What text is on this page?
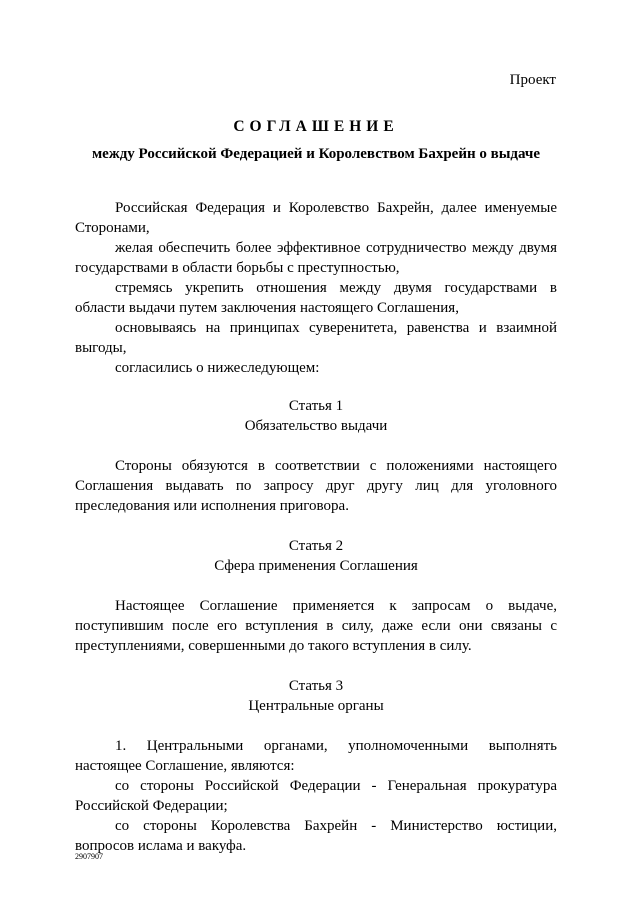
Проект
СОГЛАШЕНИЕ
между Российской Федерацией и Королевством Бахрейн о выдаче

Российская Федерация и Королевство Бахрейн, далее именуемые Сторонами,

желая обеспечить более эффективное сотрудничество между двумя государствами в области борьбы с преступностью,

стремясь укрепить отношения между двумя государствами в области выдачи путем заключения настоящего Соглашения,

основываясь на принципах суверенитета, равенства и взаимной выгоды,

согласились о нижеследующем:

Статья 1

Обязательство выдачи

Стороны обязуются в соответствии с положениями настоящего Соглашения выдавать по запросу друг другу лиц для уголовного преследования или исполнения приговора.

Статья 2

Сфера применения Соглашения

Настоящее Соглашение применяется к запросам о выдаче, поступившим после его вступления в силу, даже если они связаны с преступлениями, совершенными до такого вступления в силу.

Статья 3

Центральные органы

1. Центральными органами, уполномоченными выполнять настоящее Соглашение, являются:

со стороны Российской Федерации - Генеральная прокуратура Российской Федерации;

со стороны Королевства Бахрейн - Министерство юстиции, вопросов ислама и вакуфа.

2907907
